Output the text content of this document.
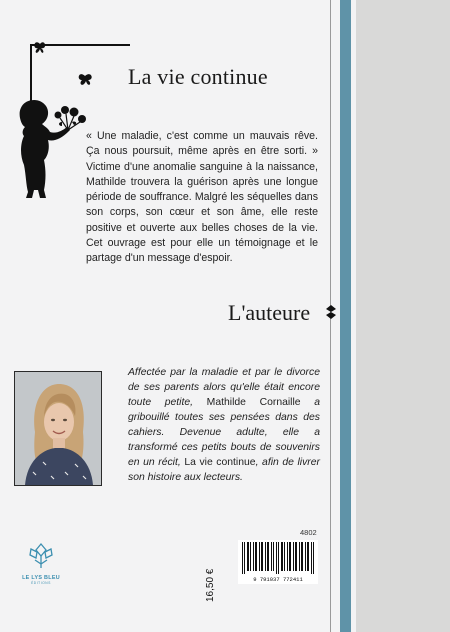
La vie continue
« Une maladie, c'est comme un mauvais rêve. Ça nous poursuit, même après en être sorti. » Victime d'une anomalie sanguine à la naissance, Mathilde trouvera la guérison après une longue période de souffrance. Malgré les séquelles dans son corps, son cœur et son âme, elle reste positive et ouverte aux belles choses de la vie. Cet ouvrage est pour elle un témoignage et le partage d'un message d'espoir.
L'auteure

Affectée par la maladie et par le divorce de ses parents alors qu'elle était encore toute petite, Mathilde Cornaille a gribouillé toutes ses pensées dans des cahiers. Devenue adulte, elle a transformé ces petits bouts de souvenirs en un récit, La vie continue, afin de livrer son histoire aux lecteurs.

4802

LE LYS BLEU
ÉDITIONS	16,50 €	9 791037 772411
